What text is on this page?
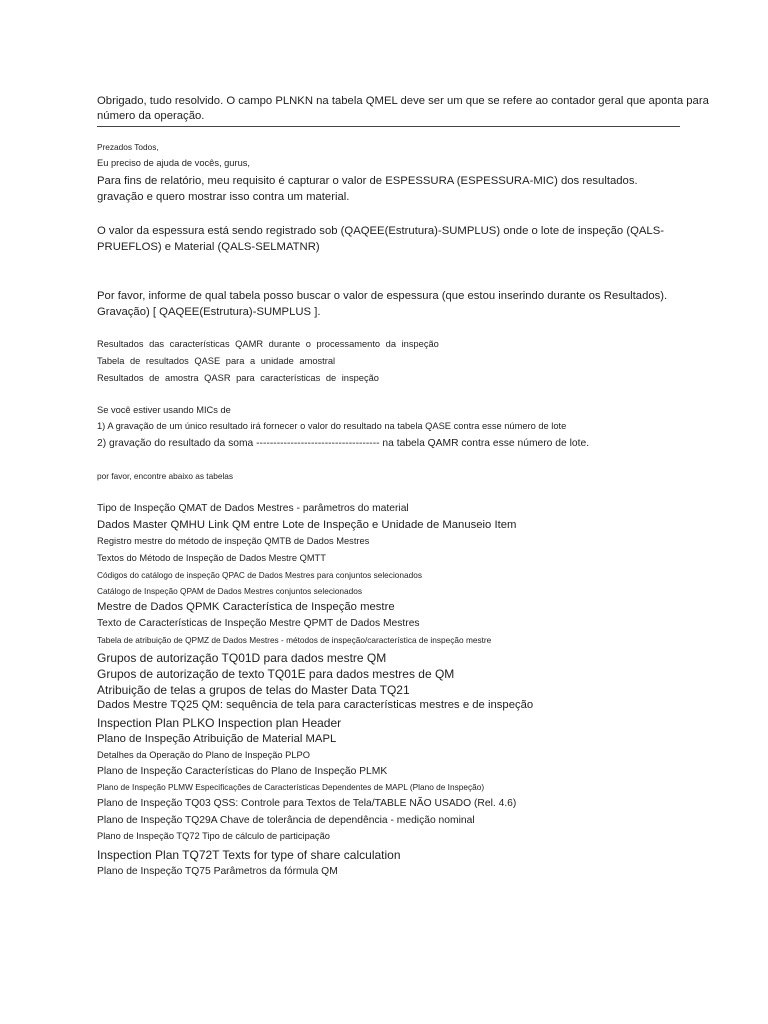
Obrigado, tudo resolvido. O campo PLNKN na tabela QMEL deve ser um que se refere ao contador geral que aponta para

número da operação.

Prezados Todos,

Eu preciso de ajuda de vocês, gurus,

Para fins de relatório, meu requisito é capturar o valor de ESPESSURA (ESPESSURA-MIC) dos resultados.

gravação e quero mostrar isso contra um material.

O valor da espessura está sendo registrado sob (QAQEE(Estrutura)-SUMPLUS) onde o lote de inspeção (QALS-

PRUEFLOS) e Material (QALS-SELMATNR)

Por favor, informe de qual tabela posso buscar o valor de espessura (que estou inserindo durante os Resultados).

Gravação) [ QAQEE(Estrutura)-SUMPLUS ].

Resultados das características QAMR durante o processamento da inspeção

Tabela de resultados QASE para a unidade amostral

Resultados de amostra QASR para características de inspeção

Se você estiver usando MICs de

1) A gravação de um único resultado irá fornecer o valor do resultado na tabela QASE contra esse número de lote

2) gravação do resultado da soma ------------------------------------ na tabela QAMR contra esse número de lote.

por favor, encontre abaixo as tabelas

Tipo de Inspeção QMAT de Dados Mestres - parâmetros do material

Dados Master QMHU Link QM entre Lote de Inspeção e Unidade de Manuseio Item

Registro mestre do método de inspeção QMTB de Dados Mestres

Textos do Método de Inspeção de Dados Mestre QMTT

Códigos do catálogo de inspeção QPAC de Dados Mestres para conjuntos selecionados

Catálogo de Inspeção QPAM de Dados Mestres conjuntos selecionados

Mestre de Dados QPMK Característica de Inspeção mestre

Texto de Características de Inspeção Mestre QPMT de Dados Mestres

Tabela de atribuição de QPMZ de Dados Mestres - métodos de inspeção/característica de inspeção mestre

Grupos de autorização TQ01D para dados mestre QM

Grupos de autorização de texto TQ01E para dados mestres de QM

Atribuição de telas a grupos de telas do Master Data TQ21

Dados Mestre TQ25 QM: sequência de tela para características mestres e de inspeção

Inspection Plan PLKO Inspection plan Header

Plano de Inspeção Atribuição de Material MAPL

Detalhes da Operação do Plano de Inspeção PLPO

Plano de Inspeção Características do Plano de Inspeção PLMK

Plano de Inspeção PLMW Especificações de Características Dependentes de MAPL (Plano de Inspeção)

Plano de Inspeção TQ03 QSS: Controle para Textos de Tela/TABLE NÃO USADO (Rel. 4.6)

Plano de Inspeção TQ29A Chave de tolerância de dependência - medição nominal

Plano de Inspeção TQ72 Tipo de cálculo de participação

Inspection Plan TQ72T Texts for type of share calculation

Plano de Inspeção TQ75 Parâmetros da fórmula QM
